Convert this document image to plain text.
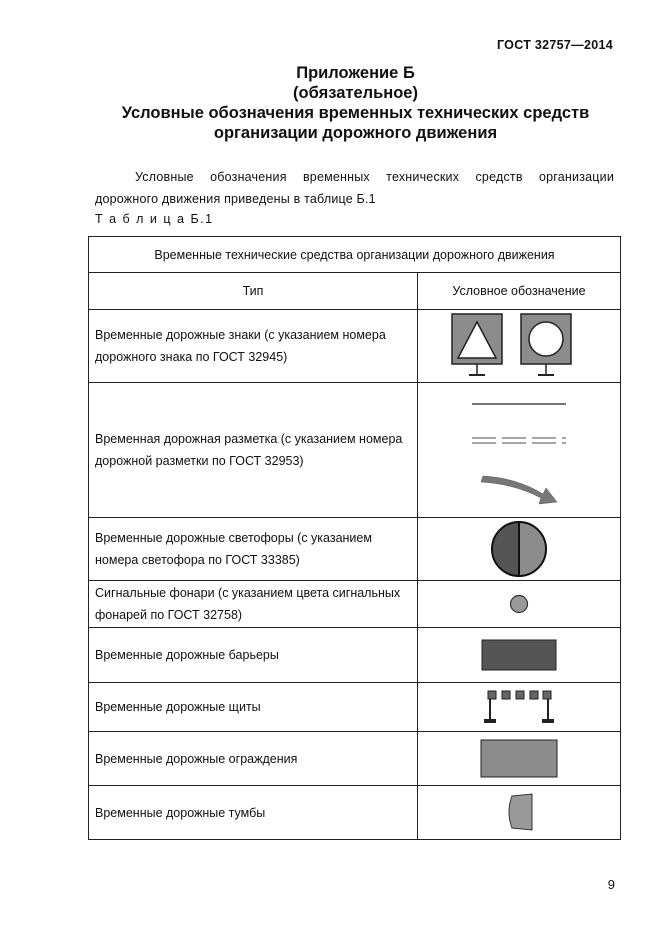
ГОСТ 32757—2014
Приложение Б
(обязательное)
Условные обозначения временных технических средств
организации дорожного движения

Условные обозначения временных технических средств организации дорожного движения приведены в таблице Б.1

Т а б л и ц а Б.1
Временные технические средства организации дорожного движения	
Тип	Условное обозначение
Временные дорожные знаки (с указанием номера дорожного знака по ГОСТ 32945)	

Временная дорожная разметка (с указанием номера дорожной разметки по ГОСТ 32953)	

Временные дорожные светофоры (с указанием номера светофора по ГОСТ 33385)	

Сигнальные фонари (с указанием цвета сигнальных фонарей по ГОСТ 32758)	

Временные дорожные барьеры	

Временные дорожные щиты	

Временные дорожные ограждения	

Временные дорожные тумбы	
9
